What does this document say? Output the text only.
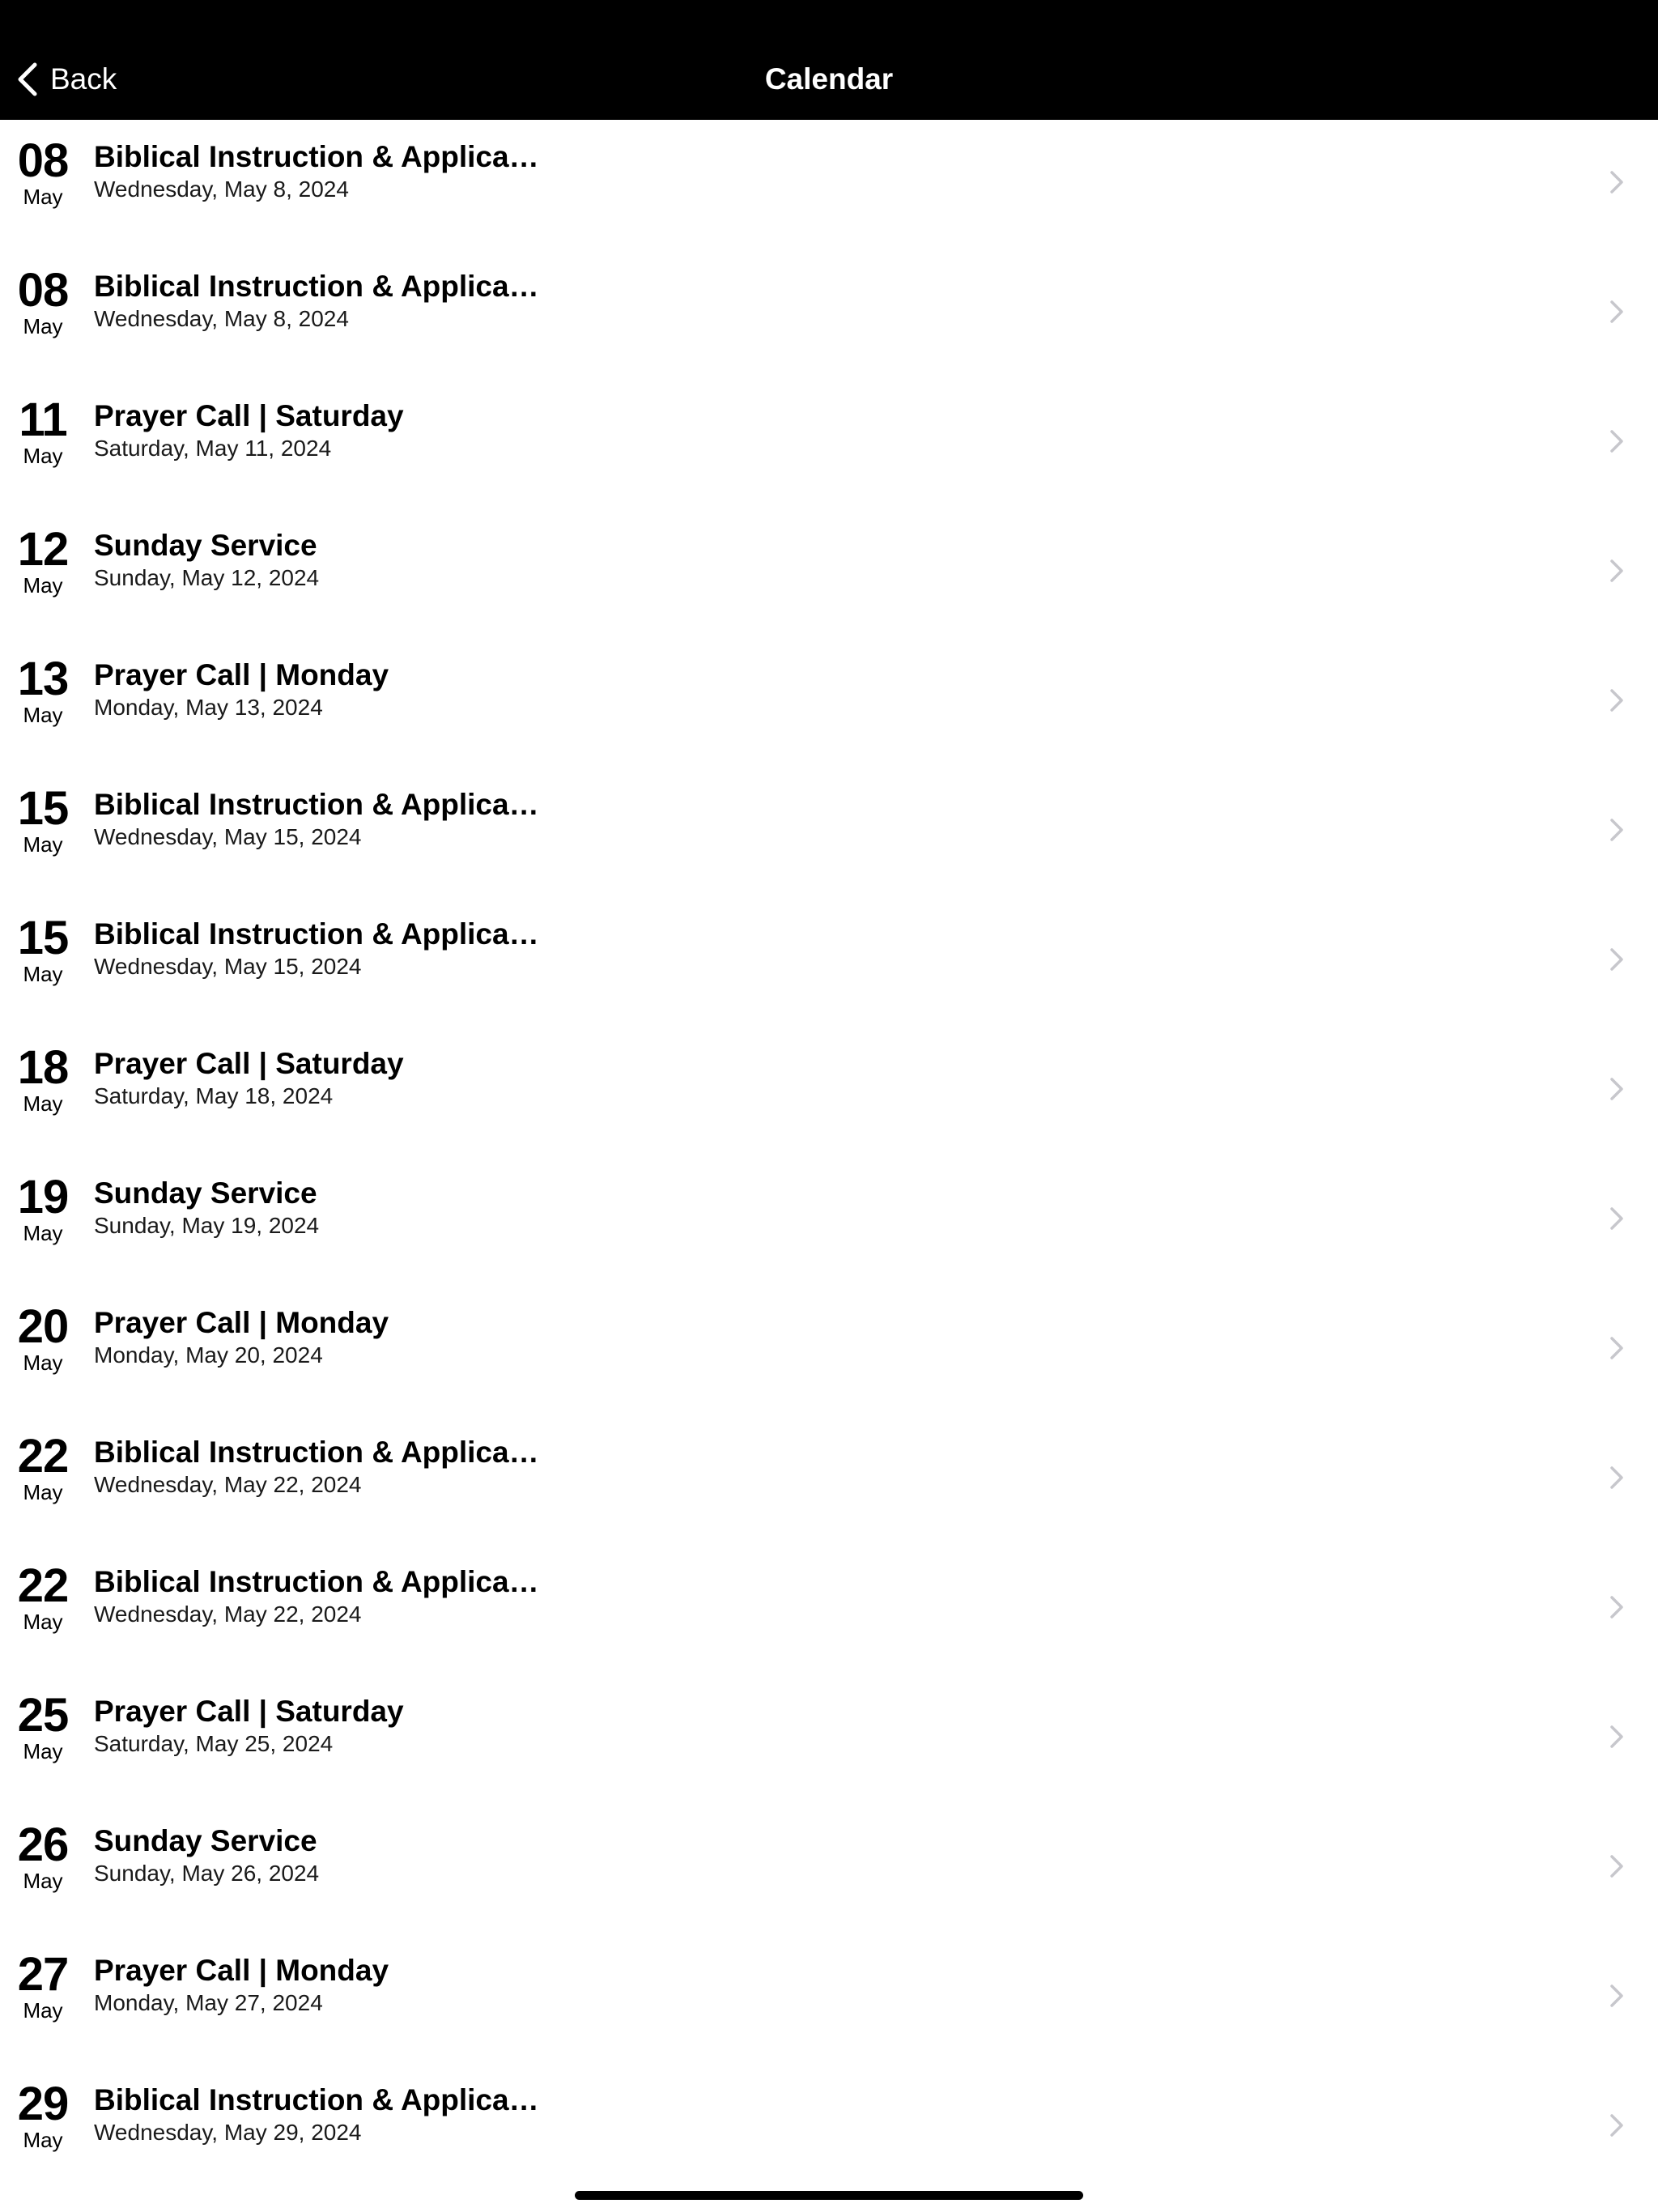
Back	Calendar
08
May
Biblical Instruction & Applica…
Wednesday, May 8, 2024
08
May
Biblical Instruction & Applica…
Wednesday, May 8, 2024
11
May
Prayer Call | Saturday
Saturday, May 11, 2024
12
May
Sunday Service
Sunday, May 12, 2024
13
May
Prayer Call | Monday
Monday, May 13, 2024
15
May
Biblical Instruction & Applica…
Wednesday, May 15, 2024
15
May
Biblical Instruction & Applica…
Wednesday, May 15, 2024
18
May
Prayer Call | Saturday
Saturday, May 18, 2024
19
May
Sunday Service
Sunday, May 19, 2024
20
May
Prayer Call | Monday
Monday, May 20, 2024
22
May
Biblical Instruction & Applica…
Wednesday, May 22, 2024
22
May
Biblical Instruction & Applica…
Wednesday, May 22, 2024
25
May
Prayer Call | Saturday
Saturday, May 25, 2024
26
May
Sunday Service
Sunday, May 26, 2024
27
May
Prayer Call | Monday
Monday, May 27, 2024
29
May
Biblical Instruction & Applica…
Wednesday, May 29, 2024
